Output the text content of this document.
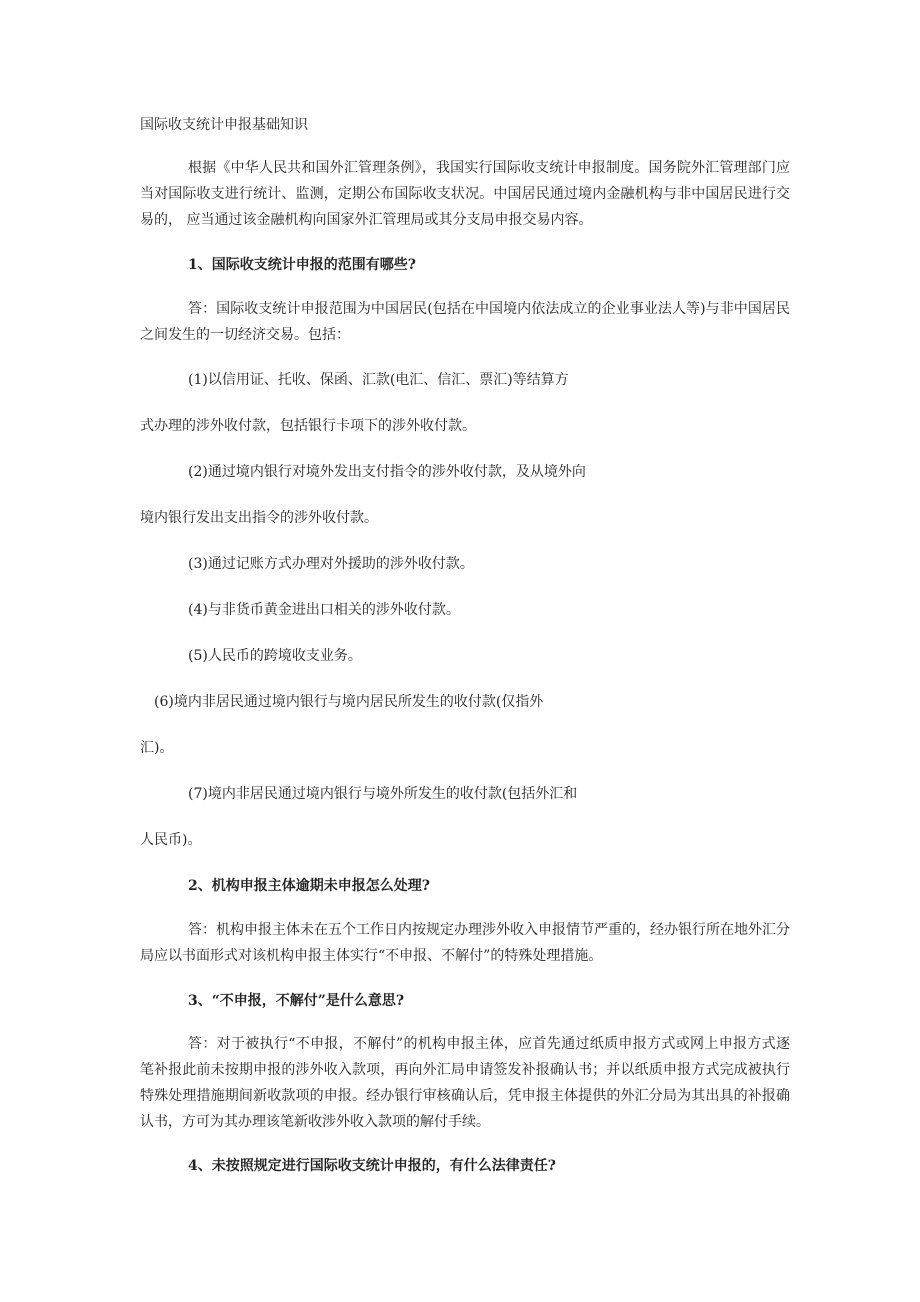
国际收支统计申报基础知识
根据《中华人民共和国外汇管理条例》，我国实行国际收支统计申报制度。国务院外汇管理部门应当对国际收支进行统计、监测，定期公布国际收支状况。中国居民通过境内金融机构与非中国居民进行交易的， 应当通过该金融机构向国家外汇管理局或其分支局申报交易内容。
1、国际收支统计申报的范围有哪些?
答：国际收支统计申报范围为中国居民(包括在中国境内依法成立的企业事业法人等)与非中国居民之间发生的一切经济交易。包括：
(1)以信用证、托收、保函、汇款(电汇、信汇、票汇)等结算方
式办理的涉外收付款，包括银行卡项下的涉外收付款。
(2)通过境内银行对境外发出支付指令的涉外收付款，及从境外向
境内银行发出支出指令的涉外收付款。
(3)通过记账方式办理对外援助的涉外收付款。
(4)与非货币黄金进出口相关的涉外收付款。
(5)人民币的跨境收支业务。
(6)境内非居民通过境内银行与境内居民所发生的收付款(仅指外
汇)。
(7)境内非居民通过境内银行与境外所发生的收付款(包括外汇和
人民币)。
2、机构申报主体逾期未申报怎么处理?
答：机构申报主体未在五个工作日内按规定办理涉外收入申报情节严重的，经办银行所在地外汇分局应以书面形式对该机构申报主体实行“不申报、不解付”的特殊处理措施。
3、“不申报，不解付”是什么意思?
答：对于被执行“不申报，不解付”的机构申报主体，应首先通过纸质申报方式或网上申报方式逐笔补报此前未按期申报的涉外收入款项，再向外汇局申请签发补报确认书；并以纸质申报方式完成被执行特殊处理措施期间新收款项的申报。经办银行审核确认后，凭申报主体提供的外汇分局为其出具的补报确认书，方可为其办理该笔新收涉外收入款项的解付手续。
4、未按照规定进行国际收支统计申报的，有什么法律责任?
